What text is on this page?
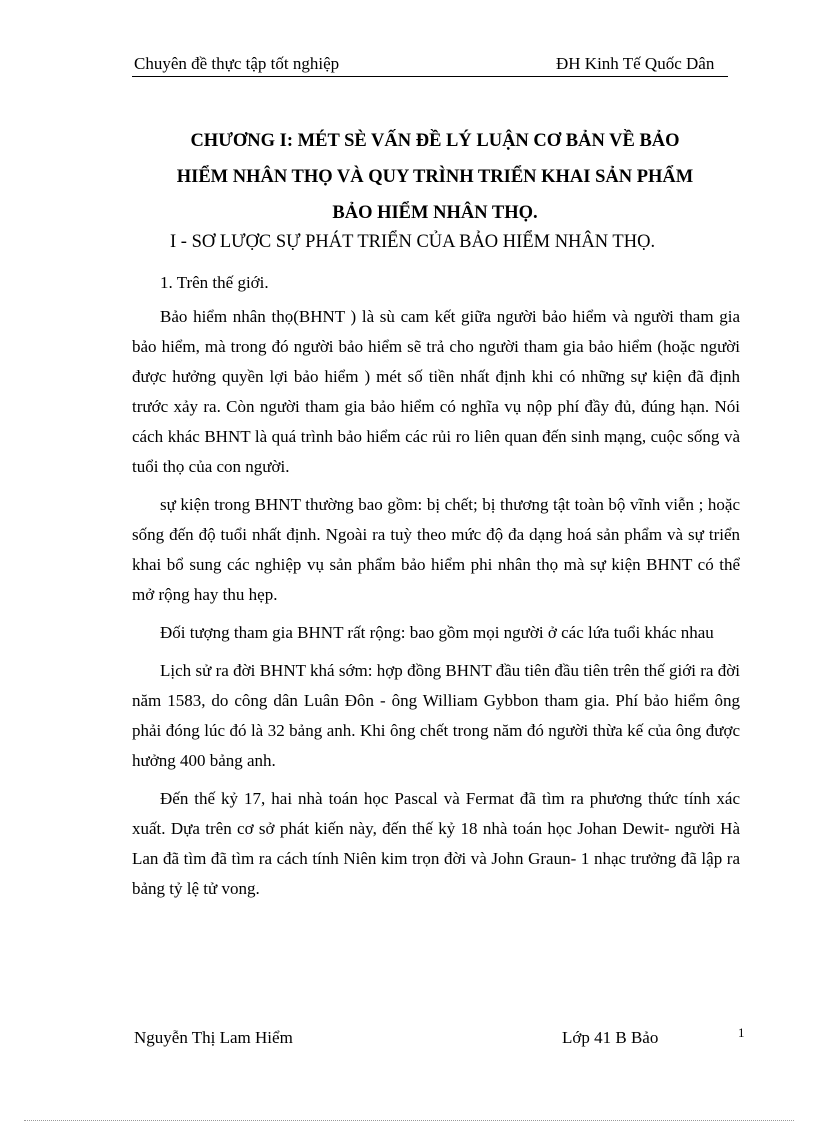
Chuyên đề thực tập tốt nghiệp	ĐH Kinh Tế Quốc Dân
CHƯƠNG I: MÉT SÈ VẤN ĐỀ LÝ LUẬN CƠ BẢN VỀ BẢO
HIỂM NHÂN THỌ VÀ QUY TRÌNH TRIỂN KHAI SẢN PHẨM
BẢO HIỂM NHÂN THỌ.
I - SƠ LƯỢC SỰ PHÁT TRIỂN CỦA BẢO HIỂM NHÂN THỌ.

1. Trên thế giới.

Bảo hiểm nhân thọ(BHNT ) là sù cam kết giữa người bảo hiểm và người tham gia bảo hiểm, mà trong đó người bảo hiểm sẽ trả cho người tham gia bảo hiểm (hoặc người được hưởng quyền lợi bảo hiểm ) mét số tiền nhất định khi có những sự kiện đã định trước xảy ra. Còn người tham gia bảo hiểm có nghĩa vụ nộp phí đầy đủ, đúng hạn. Nói cách khác BHNT là quá trình bảo hiểm các rủi ro liên quan đến sinh mạng, cuộc sống và tuổi thọ của con người.

sự kiện trong BHNT thường bao gồm: bị chết; bị thương tật toàn bộ vĩnh viễn ; hoặc sống đến độ tuổi nhất định. Ngoài ra tuỳ theo mức độ đa dạng hoá sản phẩm và sự triển khai bổ sung các nghiệp vụ sản phẩm bảo hiểm phi nhân thọ mà sự kiện BHNT có thể mở rộng hay thu hẹp.

Đối tượng tham gia BHNT rất rộng: bao gồm mọi người ở các lứa tuổi khác nhau

Lịch sử ra đời BHNT khá sớm: hợp đồng BHNT đầu tiên đầu tiên trên thế giới ra đời năm 1583, do công dân Luân Đôn - ông William Gybbon tham gia. Phí bảo hiểm ông phải đóng lúc đó là 32 bảng anh. Khi ông chết trong năm đó người thừa kế của ông được hưởng 400 bảng anh.

Đến thế kỷ 17, hai nhà toán học Pascal và Fermat đã tìm ra phương thức tính xác xuất. Dựa trên cơ sở phát kiến này, đến thế kỷ 18 nhà toán học Johan Dewit- người Hà Lan đã tìm đã tìm ra cách tính Niên kim trọn đời và John Graun- 1 nhạc trưởng đã lập ra bảng tỷ lệ tử vong.

Nguyễn Thị Lam Hiểm	Lớp 41 B Bảo	1
